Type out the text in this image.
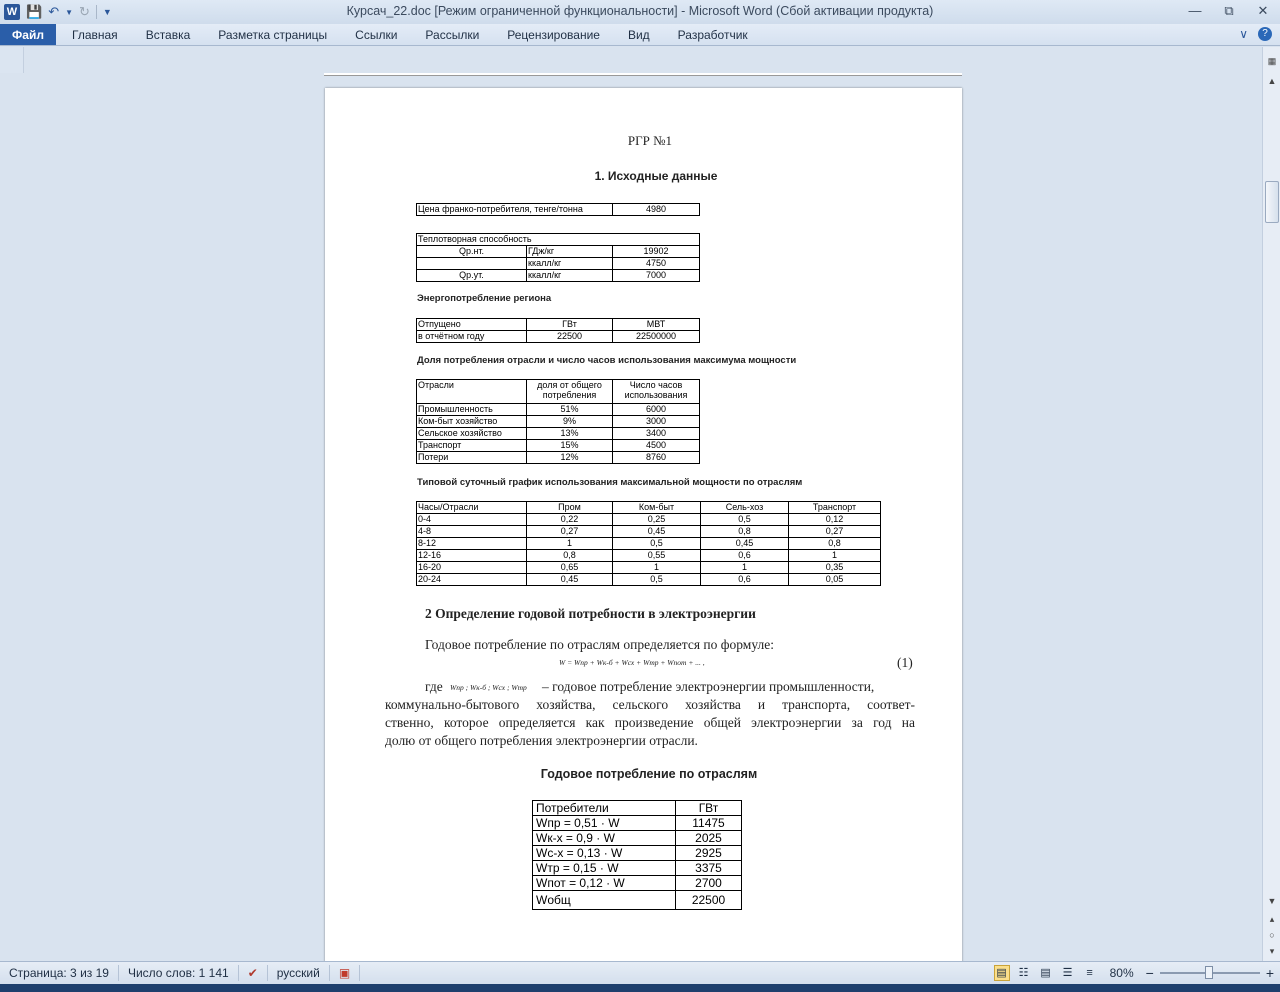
W 💾 ↶ ▼ ↻ ▼	Курсач_22.doc [Режим ограниченной функциональности] - Microsoft Word (Сбой активации продукта)	—	⧉	✕
Файл	Главная	Вставка	Разметка страницы	Ссылки	Рассылки	Рецензирование	Вид	Разработчик	∨	?
РГР №1
1. Исходные данные
Цена франко-потребителя, тенге/тонна	4980
Теплотворная способность		
Qр.нт.	ГДж/кг	19902
	ккалл/кг	4750
Qр.ут.	ккалл/кг	7000
Энергопотребление региона
Отпущено	ГВт	МВТ
в отчётном году	22500	22500000
Доля потребления отрасли и число часов использования максимума мощности
Отрасли	доля от общего потребления	Число часов использования
Промышленность	51%	6000
Ком-быт хозяйство	9%	3000
Сельское хозяйство	13%	3400
Транспорт	15%	4500
Потери	12%	8760
Типовой суточный график использования максимальной мощности по отраслям
Часы/Отрасли	Пром	Ком-быт	Сель-хоз	Транспорт
0-4	0,22	0,25	0,5	0,12
4-8	0,27	0,45	0,8	0,27
8-12	1	0,5	0,45	0,8
12-16	0,8	0,55	0,6	1
16-20	0,65	1	1	0,35
20-24	0,45	0,5	0,6	0,05
2 Определение годовой потребности в электроэнергии
Годовое потребление по отраслям определяется по формуле:
W = Wпр + Wк-б + Wсх + Wтр + Wпот + ... ,	(1)
где Wпр ; Wк-б ; Wсх ; Wтр – годовое потребление электроэнергии промышленности,
коммунально-бытового хозяйства, сельского хозяйства и транспорта, соответ-
ственно, которое определяется как произведение общей электроэнергии за год на
долю от общего потребления электроэнергии отрасли.
Годовое потребление по отраслям
Потребители	ГВт
Wпр = 0,51 · W	11475
Wк-х = 0,9 · W	2025
Wс-х = 0,13 · W	2925
Wтр = 0,15 · W	3375
Wпот = 0,12 · W	2700
Wобщ	22500
▦
▲
▼
▴
○
▾
Страница: 3 из 19	Число слов: 1 141	✔	русский	▣	▤ ☷ ▤ ☰	≡	80% −	+
